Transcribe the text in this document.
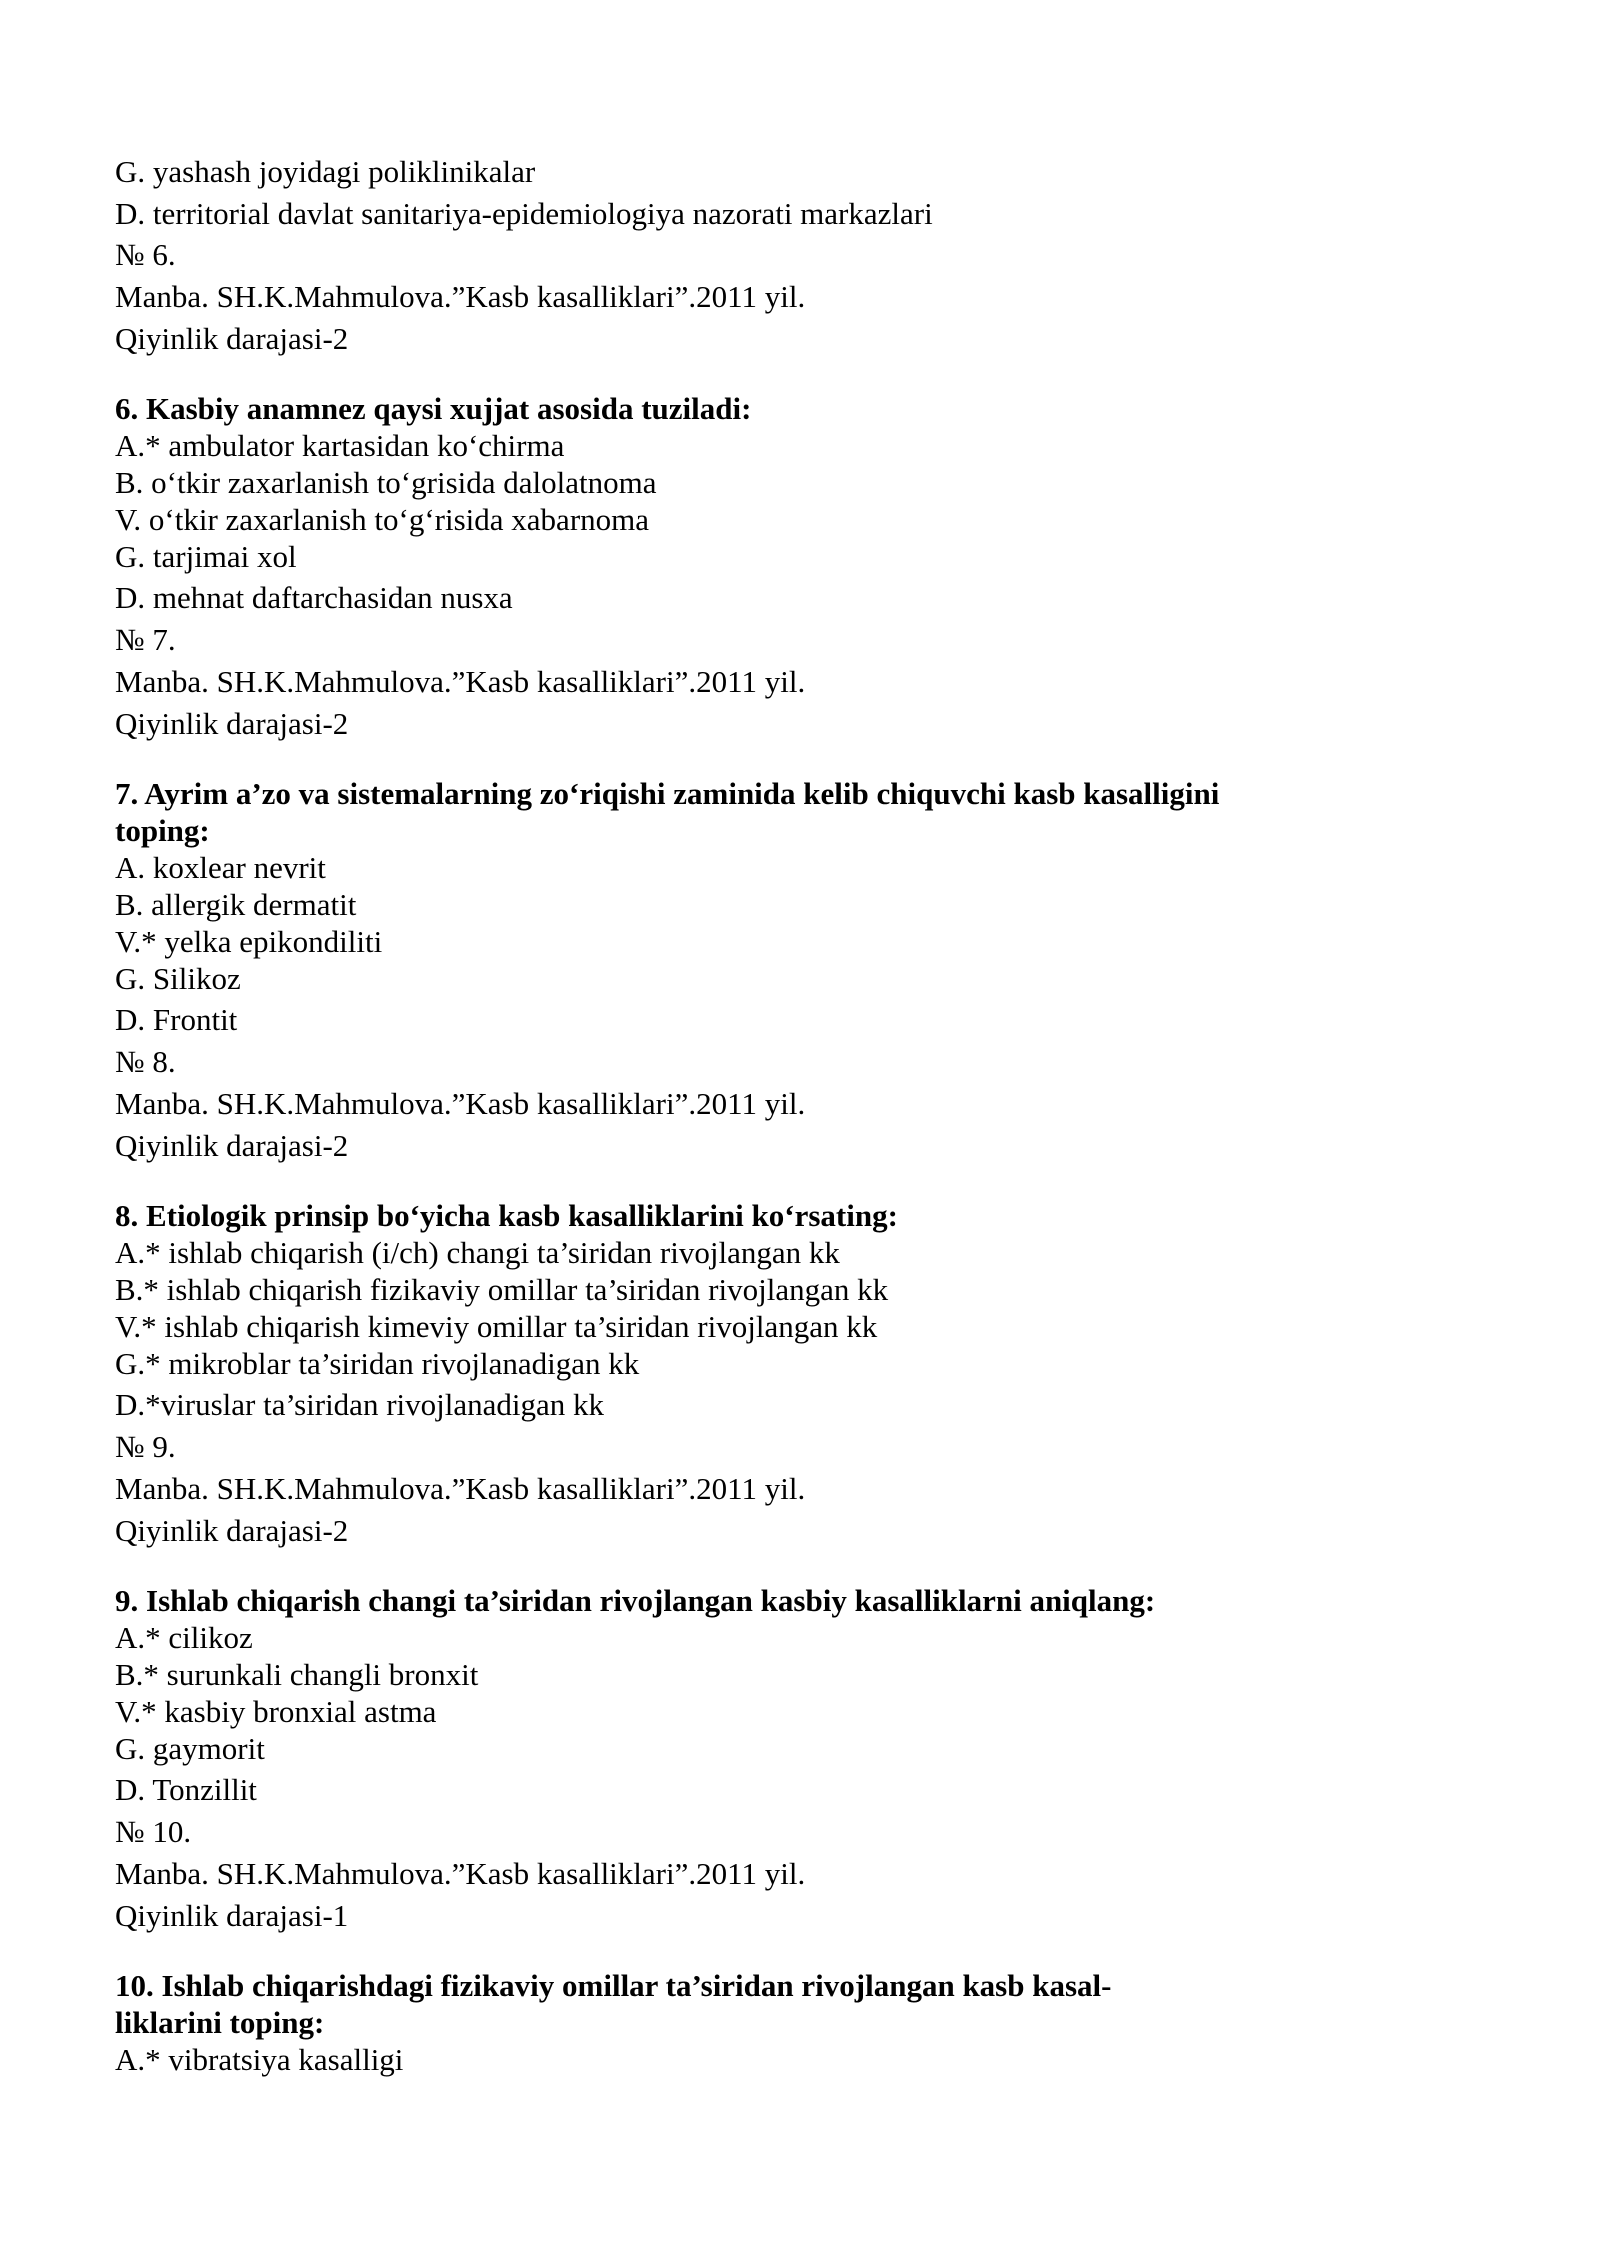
G. yashash joyidagi poliklinikalar
D. territorial davlat sanitariya-epidemiologiya nazorati markazlari
№ 6.
Manba. SH.K.Mahmulova.”Kasb kasalliklari”.2011 yil.
Qiyinlik darajasi-2
6. Kasbiy anamnez qaysi xujjat asosida tuziladi:
A.* ambulator kartasidan ko‘chirma
B. o‘tkir zaxarlanish to‘grisida dalolatnoma
V. o‘tkir zaxarlanish to‘g‘risida xabarnoma
G. tarjimai xol
D. mehnat daftarchasidan nusxa
№ 7.
Manba. SH.K.Mahmulova.”Kasb kasalliklari”.2011 yil.
Qiyinlik darajasi-2
7. Ayrim a’zo va sistemalarning zo‘riqishi zaminida kelib chiquvchi kasb kasalligini
toping:
A. koxlear nevrit
B. allergik dermatit
V.* yelka epikondiliti
G. Silikoz
D. Frontit
№ 8.
Manba. SH.K.Mahmulova.”Kasb kasalliklari”.2011 yil.
Qiyinlik darajasi-2
8. Etiologik prinsip bo‘yicha kasb kasalliklarini ko‘rsating:
A.* ishlab chiqarish (i/ch) changi ta’siridan rivojlangan kk
B.* ishlab chiqarish fizikaviy omillar ta’siridan rivojlangan kk
V.* ishlab chiqarish kimeviy omillar ta’siridan rivojlangan kk
G.* mikroblar ta’siridan rivojlanadigan kk
D.*viruslar ta’siridan rivojlanadigan kk
№ 9.
Manba. SH.K.Mahmulova.”Kasb kasalliklari”.2011 yil.
Qiyinlik darajasi-2
9. Ishlab chiqarish changi ta’siridan rivojlangan kasbiy kasalliklarni aniqlang:
A.* cilikoz
B.* surunkali changli bronxit
V.* kasbiy bronxial astma
G. gaymorit
D. Tonzillit
№ 10.
Manba. SH.K.Mahmulova.”Kasb kasalliklari”.2011 yil.
Qiyinlik darajasi-1
10. Ishlab chiqarishdagi fizikaviy omillar ta’siridan rivojlangan kasb kasal-
liklarini toping:
A.* vibratsiya kasalligi
